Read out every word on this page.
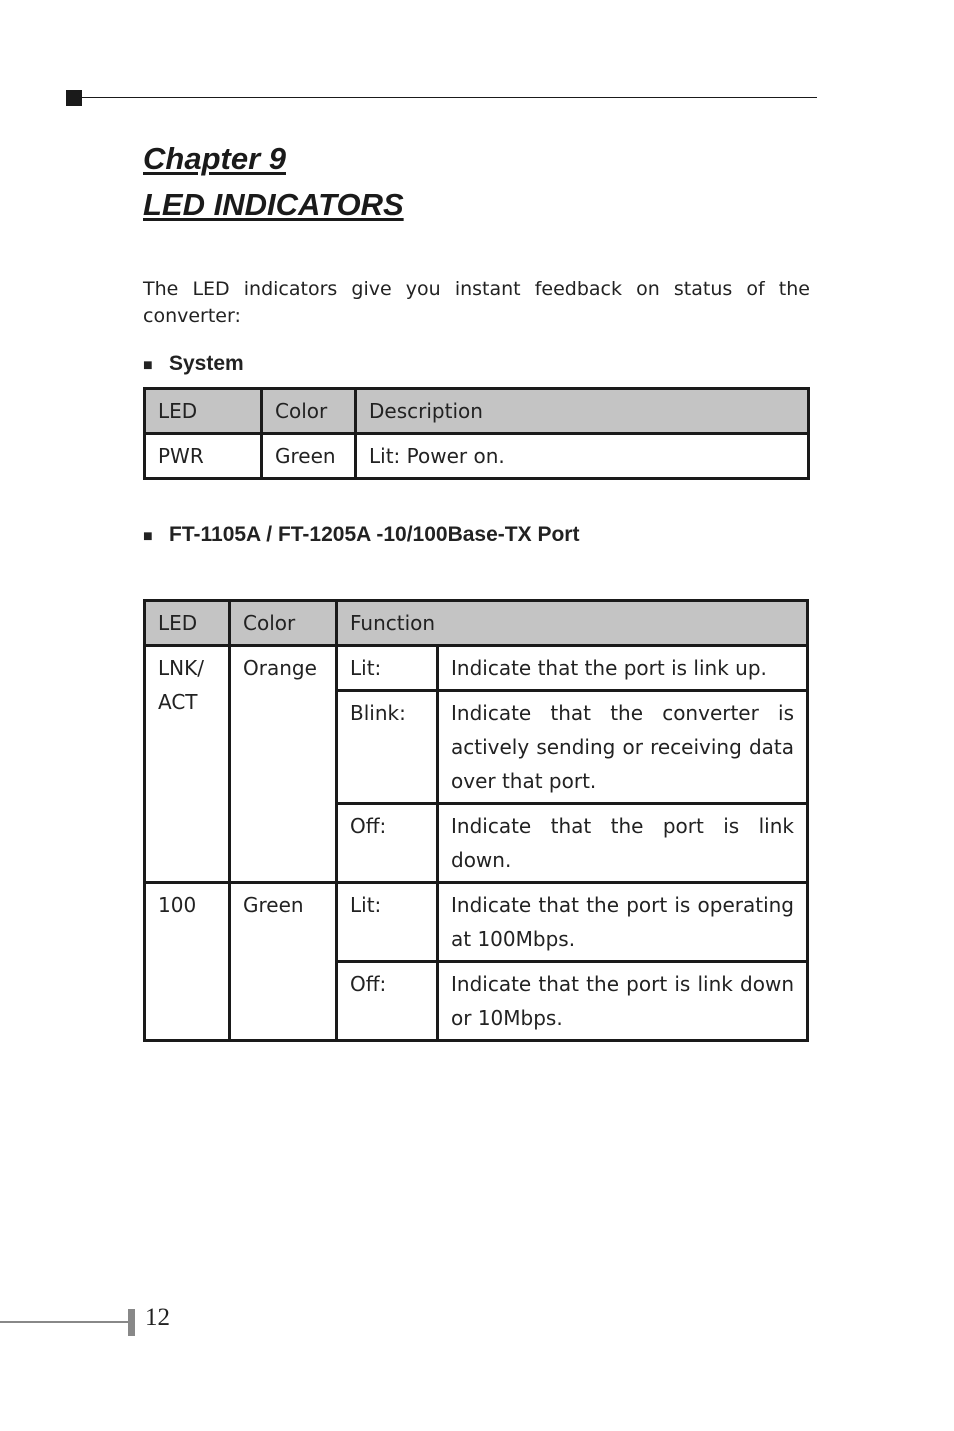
Chapter 9
LED INDICATORS

The LED indicators give you instant feedback on status of the converter:

■ System
LED	Color	Description
PWR	Green	Lit: Power on.
■ FT-1105A / FT-1205A -10/100Base-TX Port
LED	Color	Function	
LNK/
ACT	Orange	Lit:	Indicate that the port is link up.
		Blink:	Indicate that the converter is actively sending or receiving data over that port.
		Off:	Indicate that the port is link down.
100	Green	Lit:	Indicate that the port is operating at 100Mbps.
		Off:	Indicate that the port is link down or 10Mbps.
12
